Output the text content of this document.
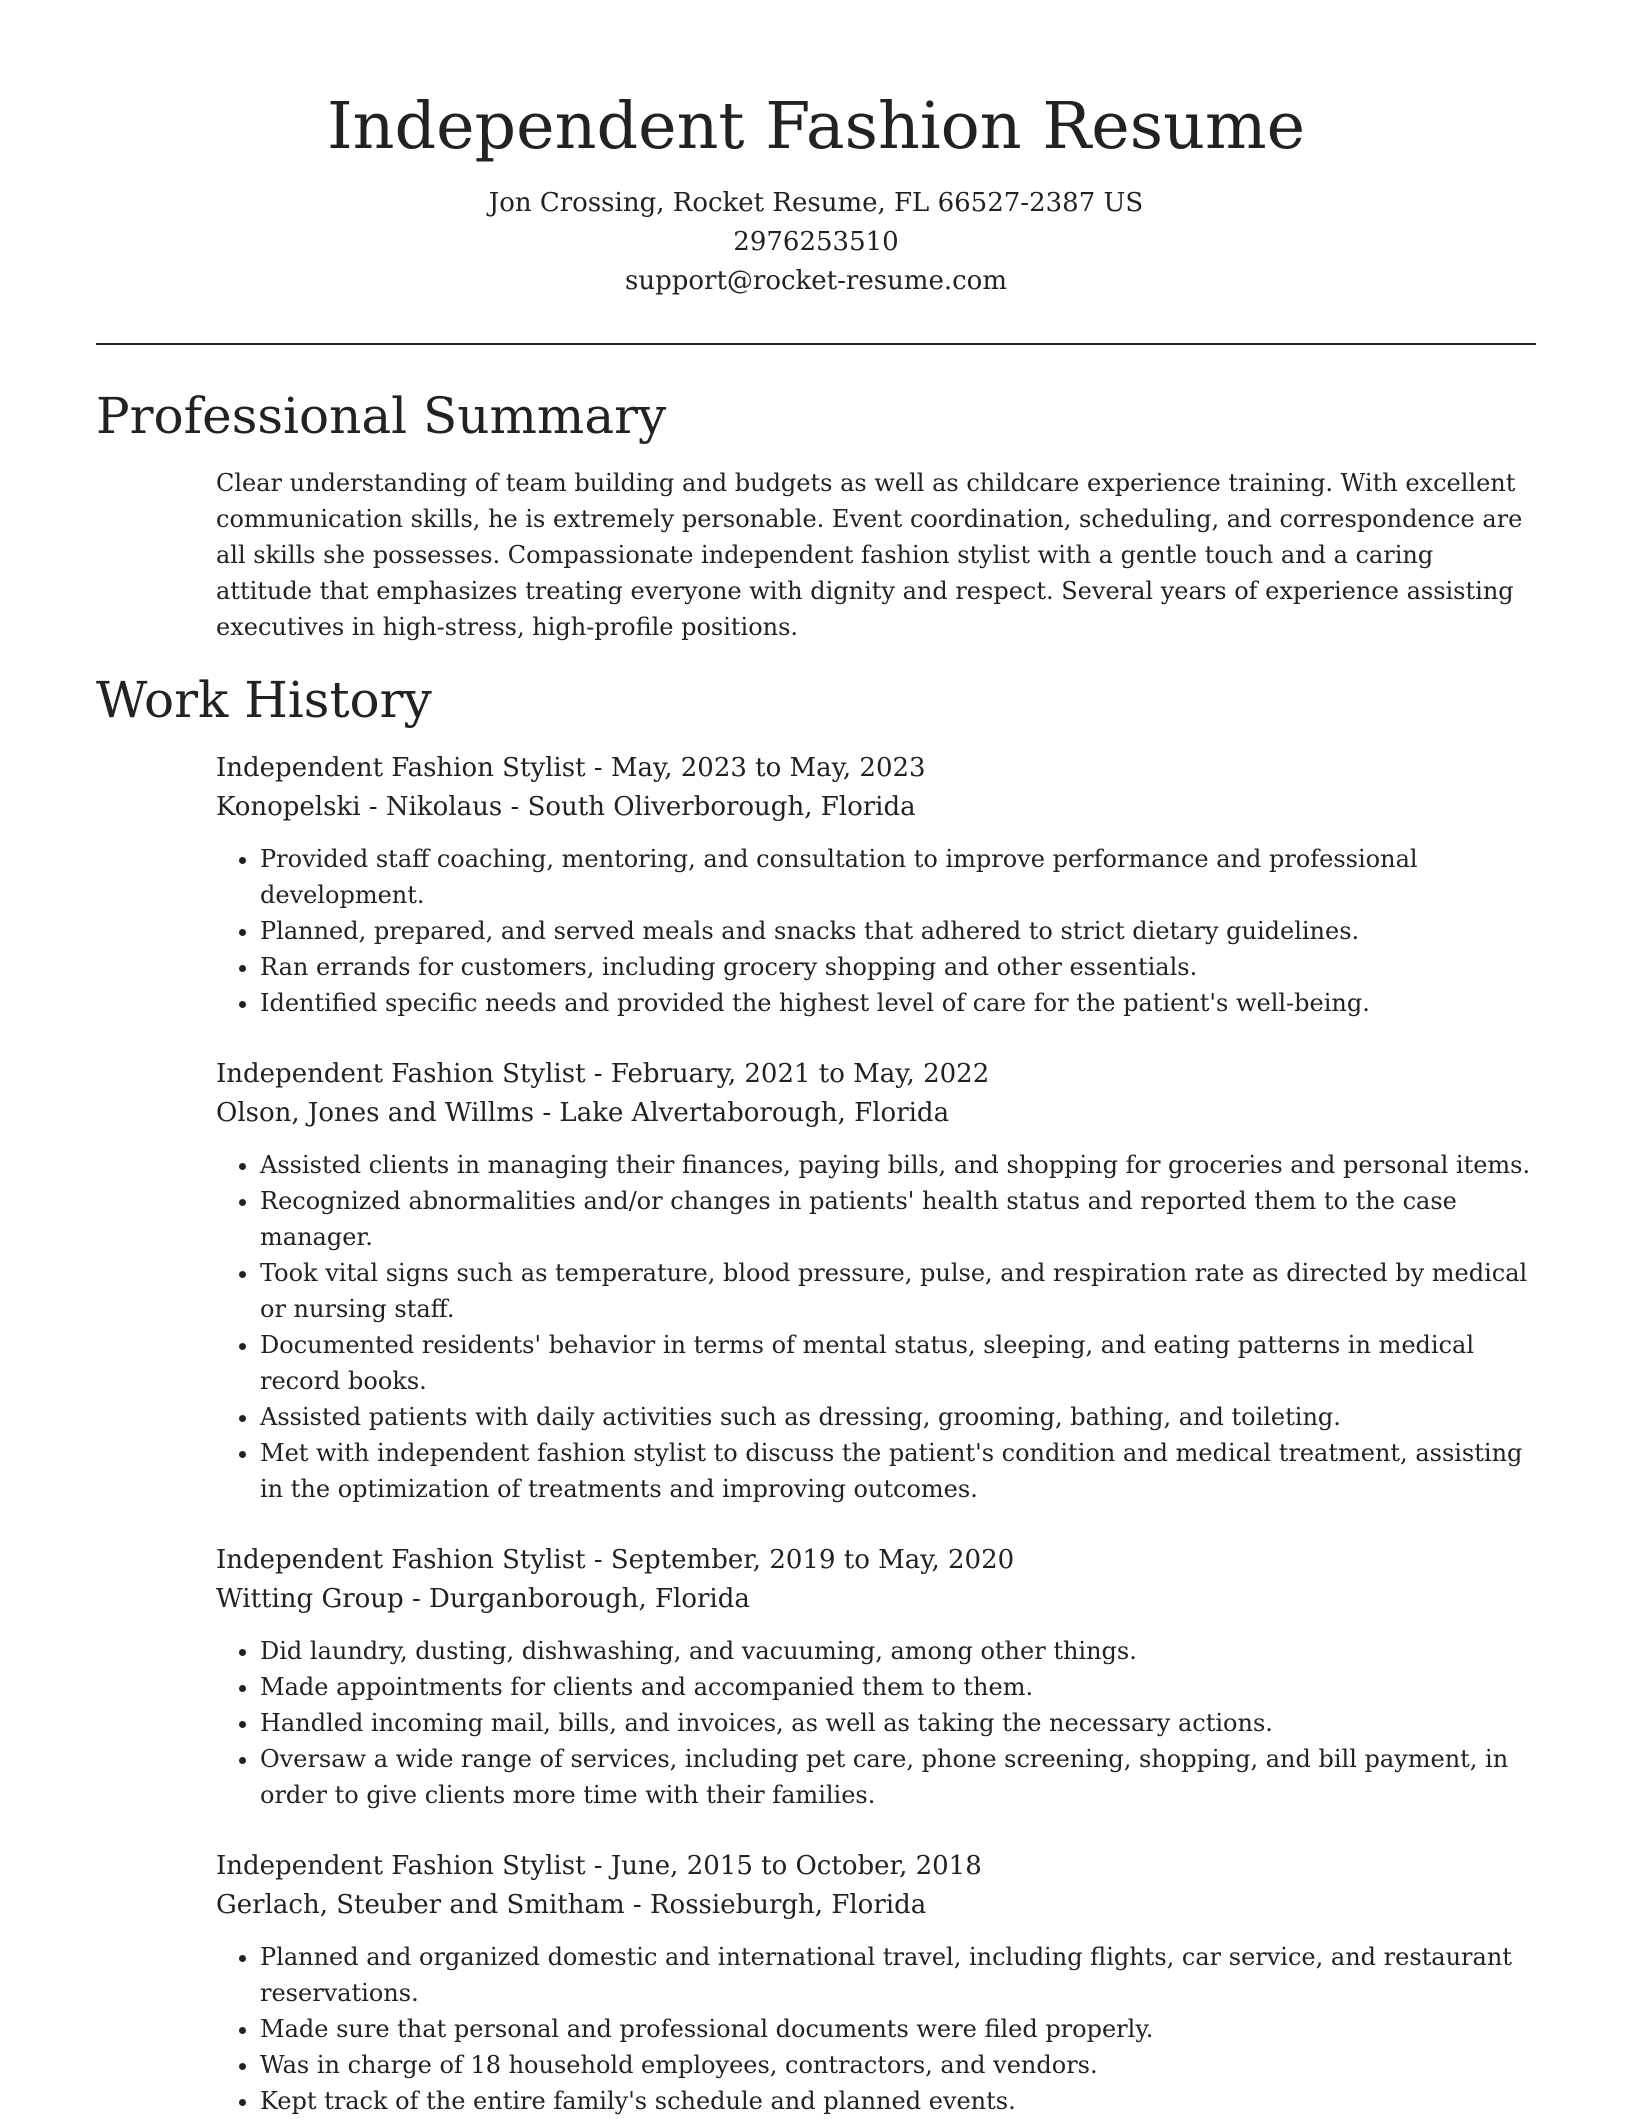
Independent Fashion Resume
Jon Crossing, Rocket Resume, FL 66527-2387 US
2976253510
support@rocket-resume.com
Professional Summary
Clear understanding of team building and budgets as well as childcare experience training. With excellent communication skills, he is extremely personable. Event coordination, scheduling, and correspondence are all skills she possesses. Compassionate independent fashion stylist with a gentle touch and a caring attitude that emphasizes treating everyone with dignity and respect. Several years of experience assisting executives in high-stress, high-profile positions.
Work History
Independent Fashion Stylist - May, 2023 to May, 2023
Konopelski - Nikolaus - South Oliverborough, Florida
• Provided staff coaching, mentoring, and consultation to improve performance and professional development.
• Planned, prepared, and served meals and snacks that adhered to strict dietary guidelines.
• Ran errands for customers, including grocery shopping and other essentials.
• Identified specific needs and provided the highest level of care for the patient's well-being.
Independent Fashion Stylist - February, 2021 to May, 2022
Olson, Jones and Willms - Lake Alvertaborough, Florida
• Assisted clients in managing their finances, paying bills, and shopping for groceries and personal items.
• Recognized abnormalities and/or changes in patients' health status and reported them to the case manager.
• Took vital signs such as temperature, blood pressure, pulse, and respiration rate as directed by medical or nursing staff.
• Documented residents' behavior in terms of mental status, sleeping, and eating patterns in medical record books.
• Assisted patients with daily activities such as dressing, grooming, bathing, and toileting.
• Met with independent fashion stylist to discuss the patient's condition and medical treatment, assisting in the optimization of treatments and improving outcomes.
Independent Fashion Stylist - September, 2019 to May, 2020
Witting Group - Durganborough, Florida
• Did laundry, dusting, dishwashing, and vacuuming, among other things.
• Made appointments for clients and accompanied them to them.
• Handled incoming mail, bills, and invoices, as well as taking the necessary actions.
• Oversaw a wide range of services, including pet care, phone screening, shopping, and bill payment, in order to give clients more time with their families.
Independent Fashion Stylist - June, 2015 to October, 2018
Gerlach, Steuber and Smitham - Rossieburgh, Florida
• Planned and organized domestic and international travel, including flights, car service, and restaurant reservations.
• Made sure that personal and professional documents were filed properly.
• Was in charge of 18 household employees, contractors, and vendors.
• Kept track of the entire family's schedule and planned events.
